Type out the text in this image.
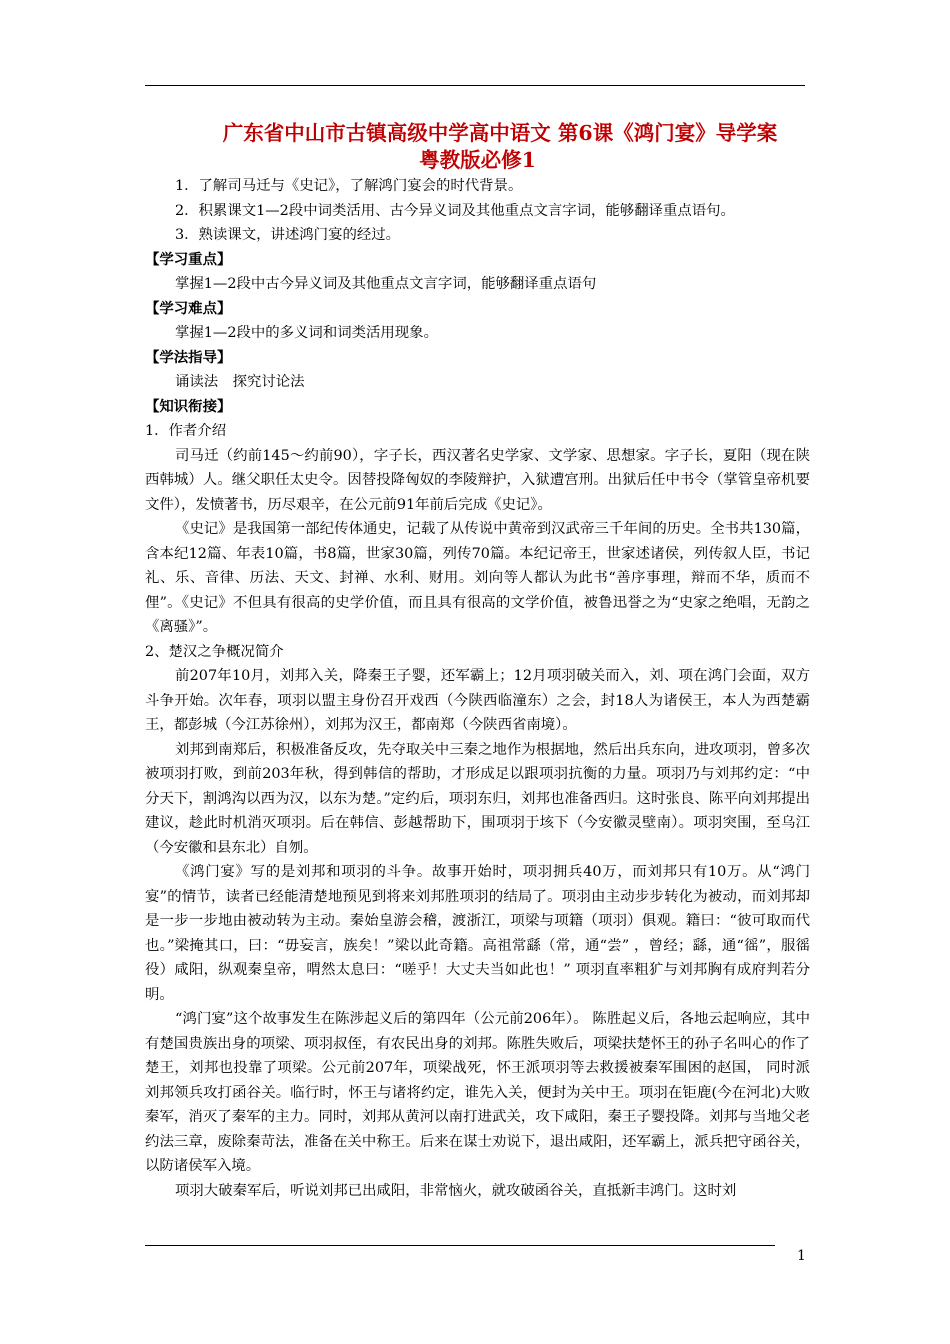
广东省中山市古镇高级中学高中语文 第6课《鸿门宴》导学案

粤教版必修1

1．了解司马迁与《史记》，了解鸿门宴会的时代背景。

2．积累课文1—2段中词类活用、古今异义词及其他重点文言字词，能够翻译重点语句。

3．熟读课文，讲述鸿门宴的经过。

【学习重点】

掌握1—2段中古今异义词及其他重点文言字词，能够翻译重点语句

【学习难点】

掌握1—2段中的多义词和词类活用现象。

【学法指导】

诵读法　探究讨论法

【知识衔接】

1．作者介绍

司马迁（约前145～约前90），字子长，西汉著名史学家、文学家、思想家。字子长，夏阳（现在陕西韩城）人。继父职任太史令。因替投降匈奴的李陵辩护，入狱遭宫刑。出狱后任中书令（掌管皇帝机要文件），发愤著书，历尽艰辛，在公元前91年前后完成《史记》。

《史记》是我国第一部纪传体通史，记载了从传说中黄帝到汉武帝三千年间的历史。全书共130篇，含本纪12篇、年表10篇，书8篇，世家30篇，列传70篇。本纪记帝王，世家述诸侯，列传叙人臣，书记礼、乐、音律、历法、天文、封禅、水利、财用。刘向等人都认为此书“善序事理，辩而不华，质而不俚”。《史记》不但具有很高的史学价值，而且具有很高的文学价值，被鲁迅誉之为“史家之绝唱，无韵之《离骚》”。

2、楚汉之争概况简介

前207年10月，刘邦入关，降秦王子婴，还军霸上；12月项羽破关而入，刘、项在鸿门会面，双方斗争开始。次年春，项羽以盟主身份召开戏西（今陕西临潼东）之会，封18人为诸侯王，本人为西楚霸王，都彭城（今江苏徐州），刘邦为汉王，都南郑（今陕西省南境）。

刘邦到南郑后，积极准备反攻，先夺取关中三秦之地作为根据地，然后出兵东向，进攻项羽，曾多次被项羽打败，到前203年秋，得到韩信的帮助，才形成足以跟项羽抗衡的力量。项羽乃与刘邦约定：“中分天下，割鸿沟以西为汉，以东为楚。”定约后，项羽东归，刘邦也准备西归。这时张良、陈平向刘邦提出建议，趁此时机消灭项羽。后在韩信、彭越帮助下，围项羽于垓下（今安徽灵壁南）。项羽突围，至乌江（今安徽和县东北）自刎。

《鸿门宴》写的是刘邦和项羽的斗争。故事开始时，项羽拥兵40万，而刘邦只有10万。从“鸿门宴”的情节，读者已经能清楚地预见到将来刘邦胜项羽的结局了。项羽由主动步步转化为被动，而刘邦却是一步一步地由被动转为主动。秦始皇游会稽，渡浙江，项梁与项籍（项羽）俱观。籍曰：“彼可取而代也。”梁掩其口，曰：“毋妄言，族矣！”梁以此奇籍。高祖常繇（常，通“尝” ，曾经；繇，通“徭”，服徭役）咸阳，纵观秦皇帝，喟然太息曰：“嗟乎！大丈夫当如此也！” 项羽直率粗犷与刘邦胸有成府判若分明。

“鸿门宴”这个故事发生在陈涉起义后的第四年（公元前206年）。 陈胜起义后，各地云起响应，其中有楚国贵族出身的项梁、项羽叔侄，有农民出身的刘邦。陈胜失败后，项梁扶楚怀王的孙子名叫心的作了楚王，刘邦也投靠了项梁。公元前207年，项梁战死，怀王派项羽等去救援被秦军围困的赵国， 同时派刘邦领兵攻打函谷关。临行时，怀王与诸将约定，谁先入关，便封为关中王。项羽在钜鹿(今在河北)大败秦军，消灭了秦军的主力。同时，刘邦从黄河以南打进武关，攻下咸阳，秦王子婴投降。刘邦与当地父老约法三章，废除秦苛法，准备在关中称王。后来在谋士劝说下，退出咸阳，还军霸上，派兵把守函谷关，以防诸侯军入境。

项羽大破秦军后，听说刘邦已出咸阳，非常恼火，就攻破函谷关，直抵新丰鸿门。这时刘

1
